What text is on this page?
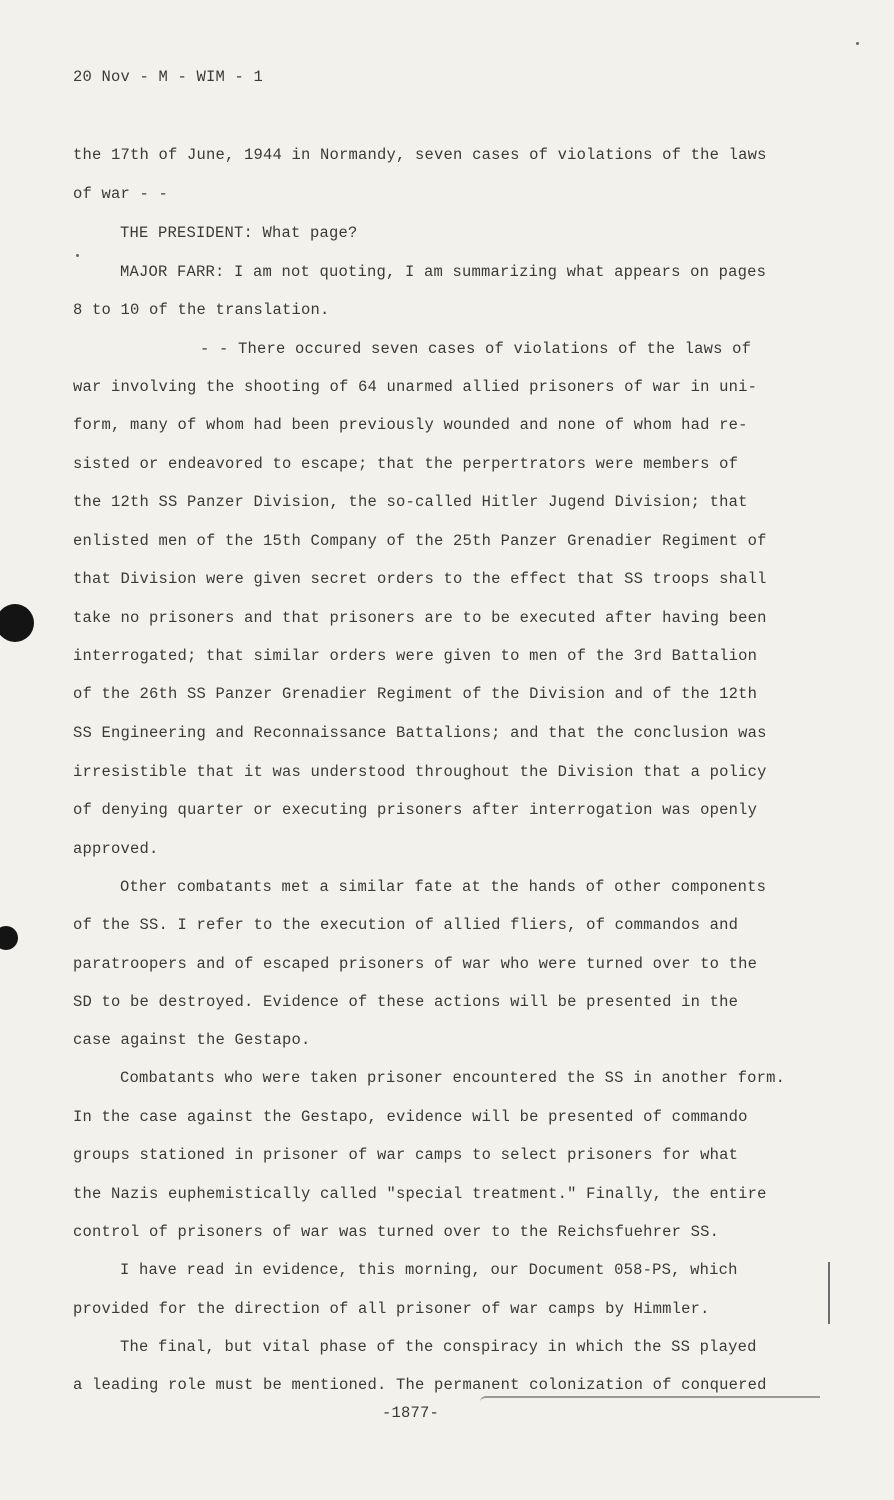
20 Nov - M - WIM - 1
the 17th of June, 1944 in Normandy, seven cases of violations of the laws
of war - -
THE PRESIDENT: What page?
MAJOR FARR: I am not quoting, I am summarizing what appears on pages
8 to 10 of the translation.
- - There occured seven cases of violations of the laws of
war involving the shooting of 64 unarmed allied prisoners of war in uni-
form, many of whom had been previously wounded and none of whom had re-
sisted or endeavored to escape; that the perpertrators were members of
the 12th SS Panzer Division, the so-called Hitler Jugend Division; that
enlisted men of the 15th Company of the 25th Panzer Grenadier Regiment of
that Division were given secret orders to the effect that SS troops shall
take no prisoners and that prisoners are to be executed after having been
interrogated; that similar orders were given to men of the 3rd Battalion
of the 26th SS Panzer Grenadier Regiment of the Division and of the 12th
SS Engineering and Reconnaissance Battalions; and that the conclusion was
irresistible that it was understood throughout the Division that a policy
of denying quarter or executing prisoners after interrogation was openly
approved.
Other combatants met a similar fate at the hands of other components
of the SS. I refer to the execution of allied fliers, of commandos and
paratroopers and of escaped prisoners of war who were turned over to the
SD to be destroyed. Evidence of these actions will be presented in the
case against the Gestapo.
Combatants who were taken prisoner encountered the SS in another form.
In the case against the Gestapo, evidence will be presented of commando
groups stationed in prisoner of war camps to select prisoners for what
the Nazis euphemistically called "special treatment." Finally, the entire
control of prisoners of war was turned over to the Reichsfuehrer SS.
I have read in evidence, this morning, our Document 058-PS, which
provided for the direction of all prisoner of war camps by Himmler.
The final, but vital phase of the conspiracy in which the SS played
a leading role must be mentioned. The permanent colonization of conquered
-1877-
